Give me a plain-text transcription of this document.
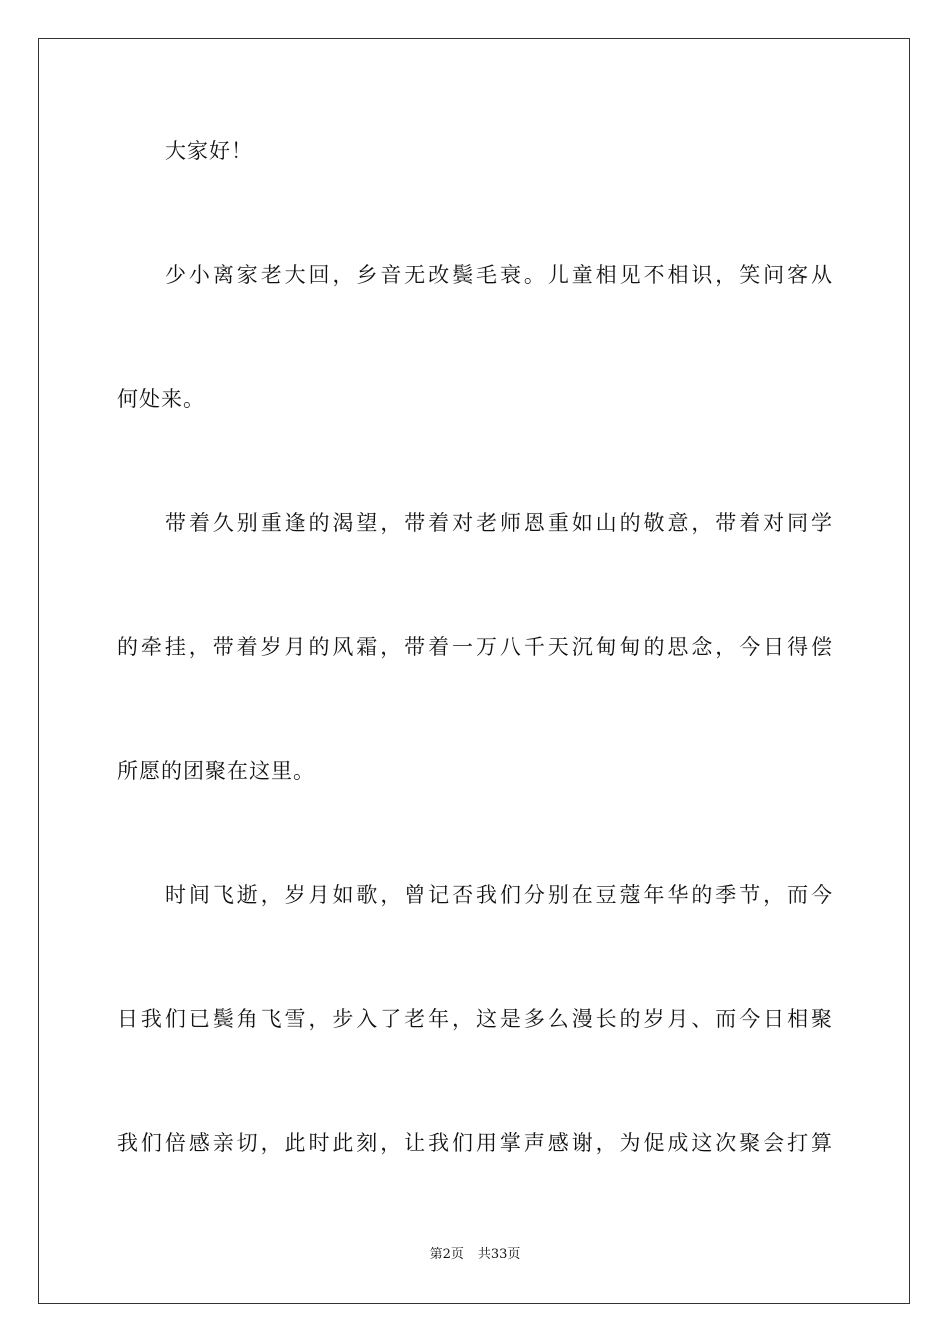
大家好！
少小离家老大回，乡音无改鬓毛衰。儿童相见不相识，笑问客从
何处来。
带着久别重逢的渴望，带着对老师恩重如山的敬意，带着对同学
的牵挂，带着岁月的风霜，带着一万八千天沉甸甸的思念，今日得偿
所愿的团聚在这里。
时间飞逝，岁月如歌，曾记否我们分别在豆蔻年华的季节，而今
日我们已鬓角飞雪，步入了老年，这是多么漫长的岁月、而今日相聚
我们倍感亲切，此时此刻，让我们用掌声感谢，为促成这次聚会打算
第2页 共33页
